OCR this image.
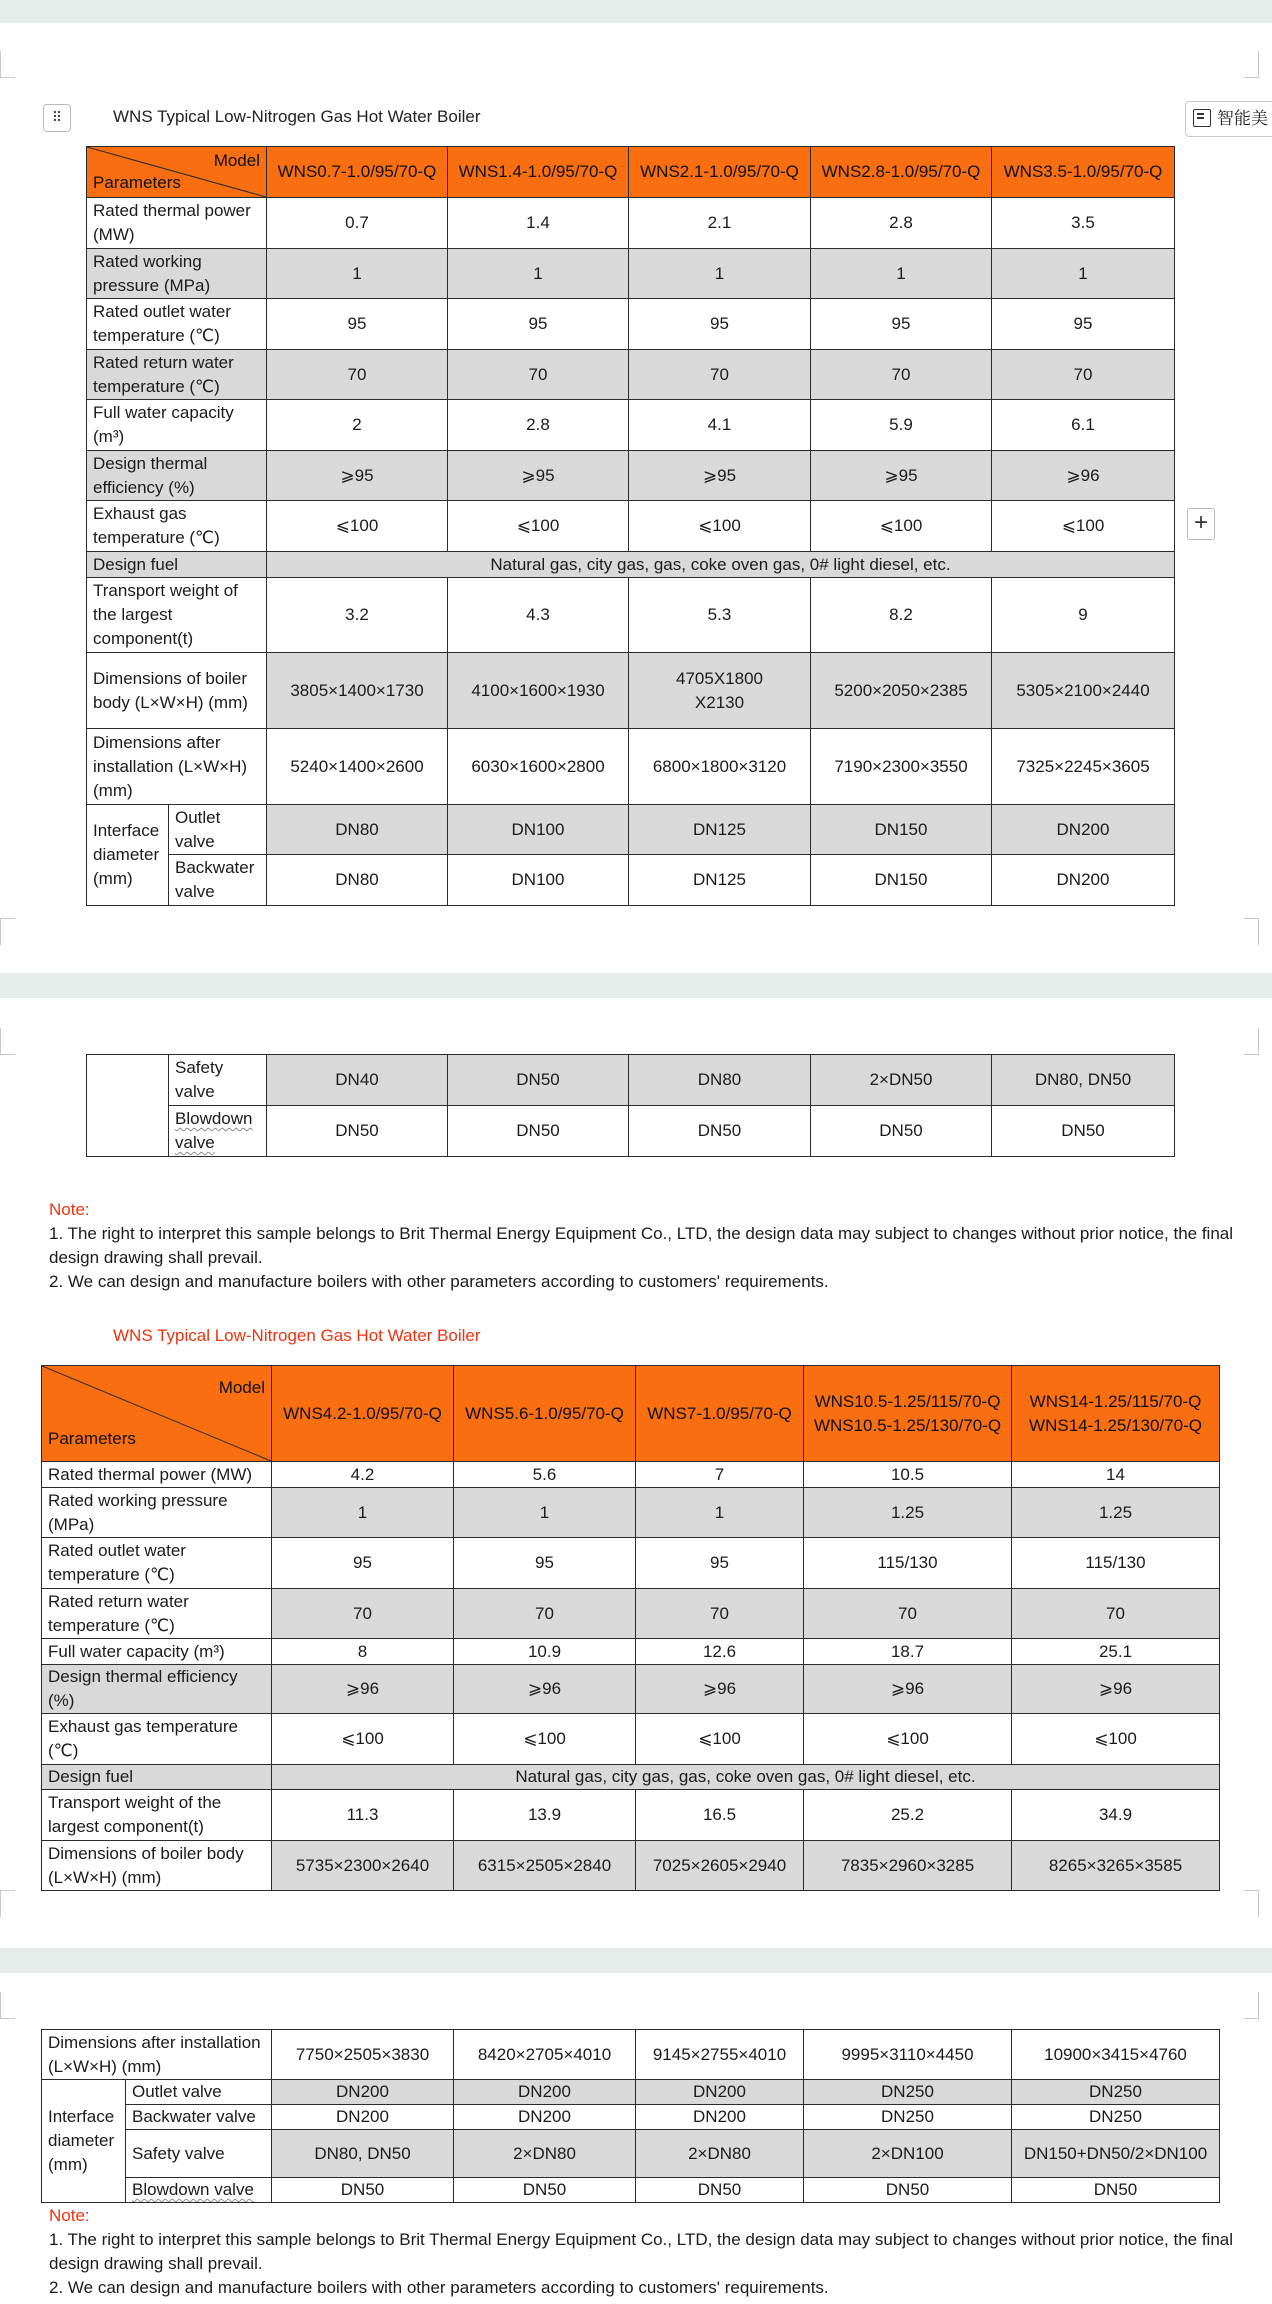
⠿	WNS Typical Low-Nitrogen Gas Hot Water Boiler	智能美
+
Model
Parameters		WNS0.7-1.0/95/70-Q	WNS1.4-1.0/95/70-Q	WNS2.1-1.0/95/70-Q	WNS2.8-1.0/95/70-Q	WNS3.5-1.0/95/70-Q
Rated thermal power (MW)		0.7	1.4	2.1	2.8	3.5
Rated working pressure (MPa)		1	1	1	1	1
Rated outlet water temperature (℃)		95	95	95	95	95
Rated return water temperature (℃)		70	70	70	70	70
Full water capacity (m³)		2	2.8	4.1	5.9	6.1
Design thermal efficiency (%)		⩾95	⩾95	⩾95	⩾95	⩾96
Exhaust gas temperature (℃)		⩽100	⩽100	⩽100	⩽100	⩽100
Design fuel		Natural gas, city gas, gas, coke oven gas, 0# light diesel, etc.				
Transport weight of the largest component(t)		3.2	4.3	5.3	8.2	9
Dimensions of boiler body (L×W×H) (mm)		3805×1400×1730	4100×1600×1930	4705X1800 X2130	5200×2050×2385	5305×2100×2440
Dimensions after installation (L×W×H) (mm)		5240×1400×2600	6030×1600×2800	6800×1800×3120	7190×2300×3550	7325×2245×3605
Interface diameter (mm)	Outlet valve	DN80	DN100	DN125	DN150	DN200
	Backwater valve	DN80	DN100	DN125	DN150	DN200
	Safety valve	DN40	DN50	DN80	2×DN50	DN80, DN50
	Blowdown valve	DN50	DN50	DN50	DN50	DN50
Note:
1. The right to interpret this sample belongs to Brit Thermal Energy Equipment Co., LTD, the design data may subject to changes without prior notice, the final design drawing shall prevail.
2. We can design and manufacture boilers with other parameters according to customers' requirements.
WNS Typical Low-Nitrogen Gas Hot Water Boiler
Model
Parameters	WNS4.2-1.0/95/70-Q	WNS5.6-1.0/95/70-Q	WNS7-1.0/95/70-Q	WNS10.5-1.25/115/70-Q WNS10.5-1.25/130/70-Q	WNS14-1.25/115/70-Q WNS14-1.25/130/70-Q
Rated thermal power (MW)	4.2	5.6	7	10.5	14
Rated working pressure (MPa)	1	1	1	1.25	1.25
Rated outlet water temperature (℃)	95	95	95	115/130	115/130
Rated return water temperature (℃)	70	70	70	70	70
Full water capacity (m³)	8	10.9	12.6	18.7	25.1
Design thermal efficiency (%)	⩾96	⩾96	⩾96	⩾96	⩾96
Exhaust gas temperature (℃)	⩽100	⩽100	⩽100	⩽100	⩽100
Design fuel	Natural gas, city gas, gas, coke oven gas, 0# light diesel, etc.				
Transport weight of the largest component(t)	11.3	13.9	16.5	25.2	34.9
Dimensions of boiler body (L×W×H) (mm)	5735×2300×2640	6315×2505×2840	7025×2605×2940	7835×2960×3285	8265×3265×3585
Dimensions after installation (L×W×H) (mm)		7750×2505×3830	8420×2705×4010	9145×2755×4010	9995×3110×4450	10900×3415×4760
Interface diameter (mm)	Outlet valve	DN200	DN200	DN200	DN250	DN250
	Backwater valve	DN200	DN200	DN200	DN250	DN250
	Safety valve	DN80, DN50	2×DN80	2×DN80	2×DN100	DN150+DN50/2×DN100
	Blowdown valve	DN50	DN50	DN50	DN50	DN50
Note:
1. The right to interpret this sample belongs to Brit Thermal Energy Equipment Co., LTD, the design data may subject to changes without prior notice, the final design drawing shall prevail.
2. We can design and manufacture boilers with other parameters according to customers' requirements.
